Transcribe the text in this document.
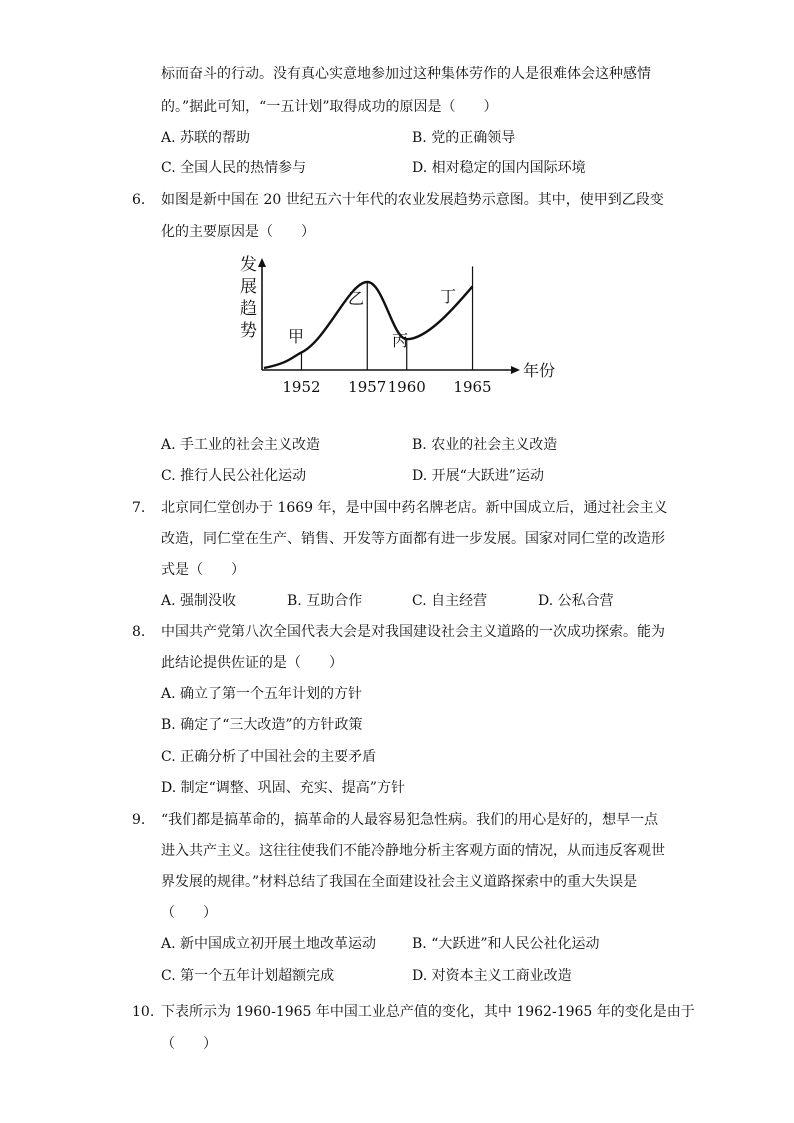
标而奋斗的行动。没有真心实意地参加过这种集体劳作的人是很难体会这种感情
的。”据此可知，“一五计划”取得成功的原因是（　　）
A. 苏联的帮助	B. 党的正确领导
C. 全国人民的热情参与	D. 相对稳定的国内国际环境
6. 如图是新中国在 20 世纪五六十年代的农业发展趋势示意图。其中，使甲到乙段变
化的主要原因是（　　）
发
展
趋
势
年份
1952 1957 1960 1965
甲
乙
丙
丁
A. 手工业的社会主义改造	B. 农业的社会主义改造
C. 推行人民公社化运动	D. 开展“大跃进”运动
7. 北京同仁堂创办于 1669 年，是中国中药名牌老店。新中国成立后，通过社会主义
改造，同仁堂在生产、销售、开发等方面都有进一步发展。国家对同仁堂的改造形
式是（　　）
A. 强制没收	B. 互助合作	C. 自主经营	D. 公私合营
8. 中国共产党第八次全国代表大会是对我国建设社会主义道路的一次成功探索。能为
此结论提供佐证的是（　　）
A. 确立了第一个五年计划的方针
B. 确定了“三大改造”的方针政策
C. 正确分析了中国社会的主要矛盾
D. 制定“调整、巩固、充实、提高”方针
9. “我们都是搞革命的，搞革命的人最容易犯急性病。我们的用心是好的，想早一点
进入共产主义。这往往使我们不能冷静地分析主客观方面的情况，从而违反客观世
界发展的规律。”材料总结了我国在全面建设社会主义道路探索中的重大失误是
（　　）
A. 新中国成立初开展土地改革运动	B. “大跃进”和人民公社化运动
C. 第一个五年计划超额完成	D. 对资本主义工商业改造
10. 下表所示为 1960-1965 年中国工业总产值的变化，其中 1962-1965 年的变化是由于
（　　）
